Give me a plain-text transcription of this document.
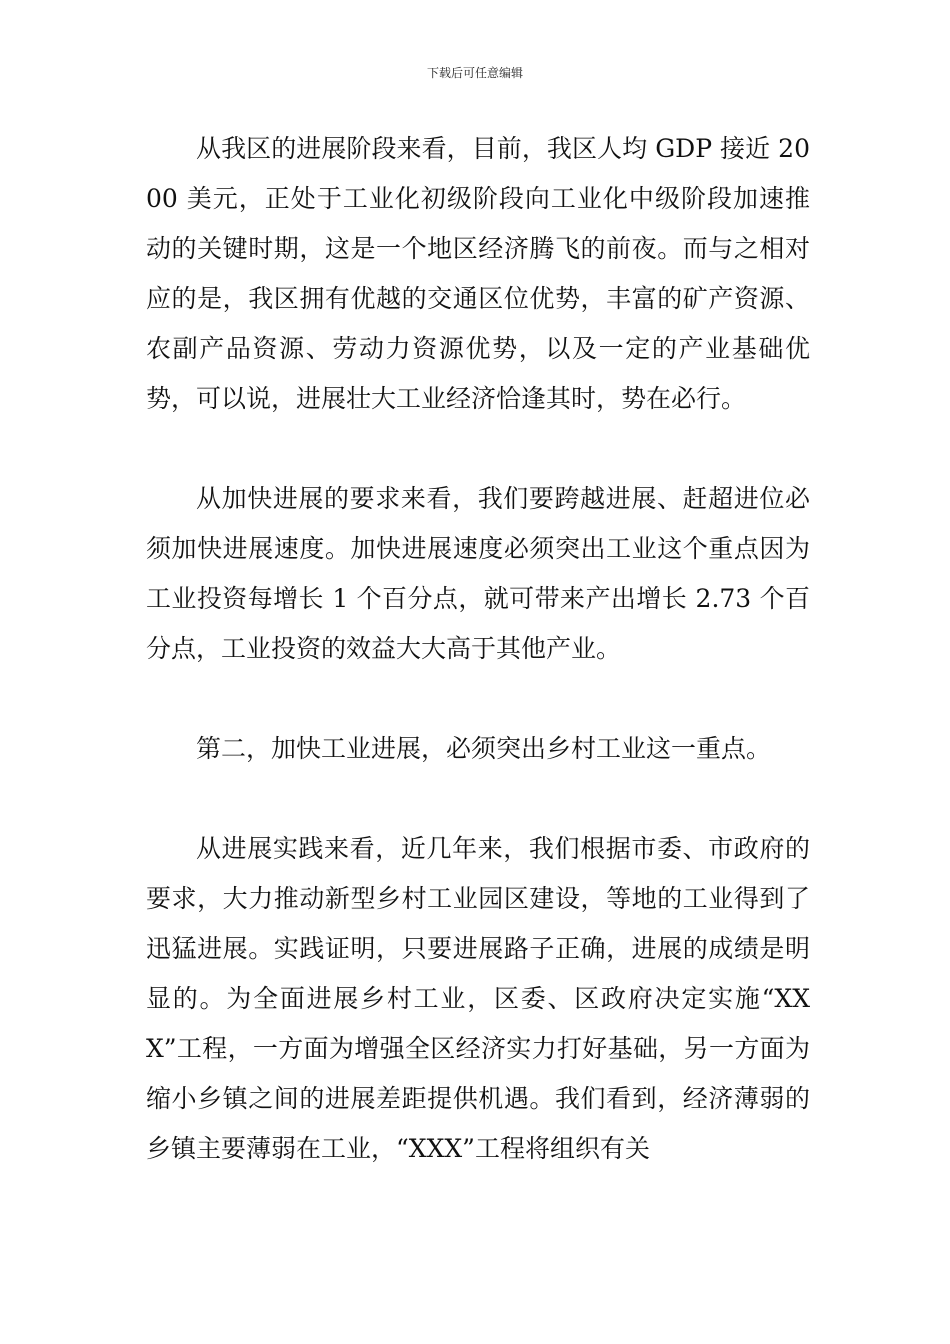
下载后可任意编辑

从我区的进展阶段来看，目前，我区人均 GDP 接近 2000 美元，正处于工业化初级阶段向工业化中级阶段加速推动的关键时期，这是一个地区经济腾飞的前夜。而与之相对应的是，我区拥有优越的交通区位优势，丰富的矿产资源、农副产品资源、劳动力资源优势，以及一定的产业基础优势，可以说，进展壮大工业经济恰逢其时，势在必行。

从加快进展的要求来看，我们要跨越进展、赶超进位必须加快进展速度。加快进展速度必须突出工业这个重点因为工业投资每增长 1 个百分点，就可带来产出增长 2.73 个百分点，工业投资的效益大大高于其他产业。

第二，加快工业进展，必须突出乡村工业这一重点。

从进展实践来看，近几年来，我们根据市委、市政府的要求，大力推动新型乡村工业园区建设，等地的工业得到了迅猛进展。实践证明，只要进展路子正确，进展的成绩是明显的。为全面进展乡村工业，区委、区政府决定实施“XXX”工程，一方面为增强全区经济实力打好基础，另一方面为缩小乡镇之间的进展差距提供机遇。我们看到，经济薄弱的乡镇主要薄弱在工业，“XXX”工程将组织有关
